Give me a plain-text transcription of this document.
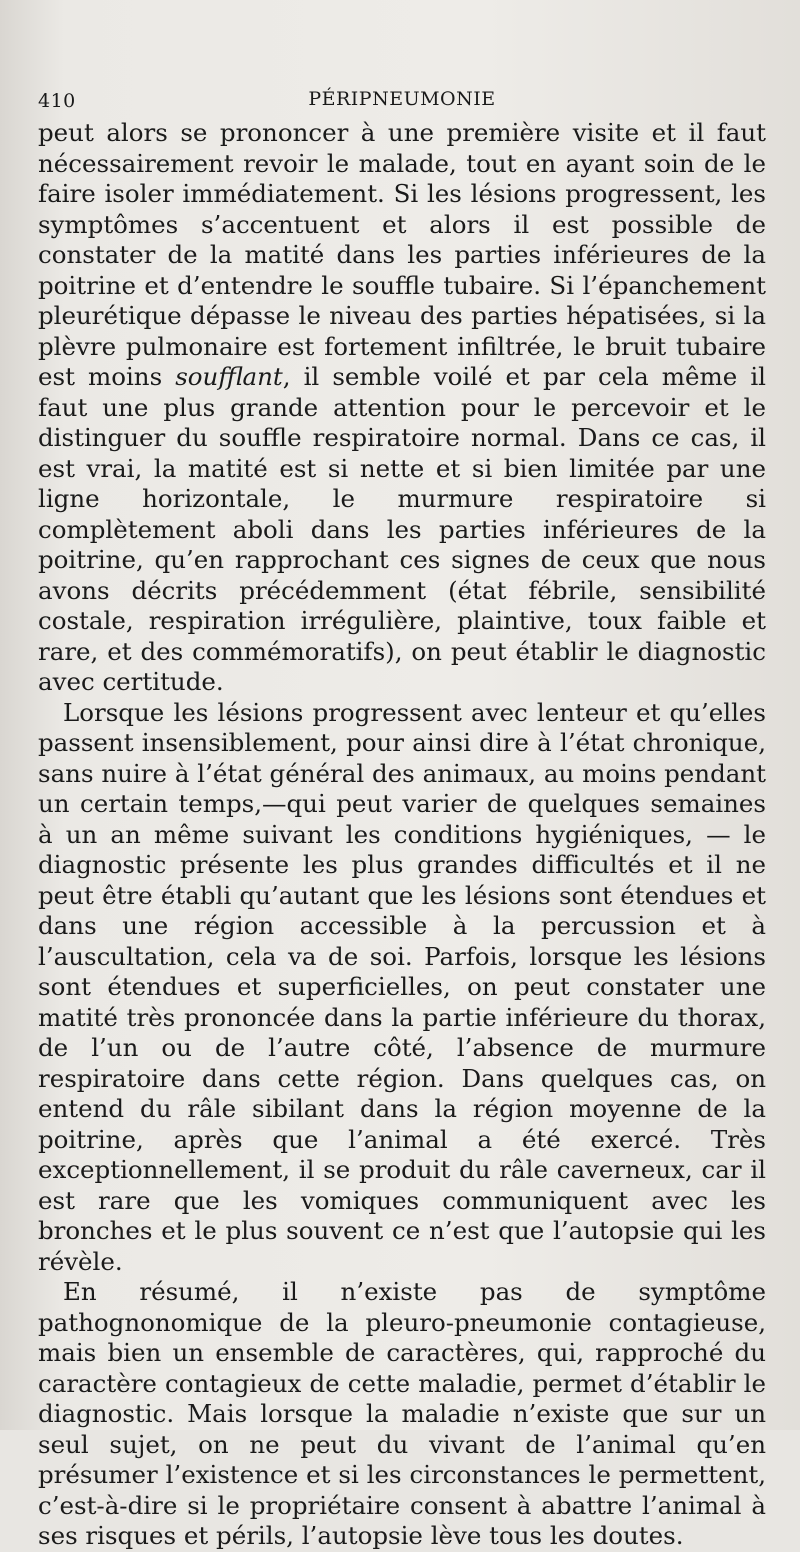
410	PÉRIPNEUMONIE

peut alors se prononcer à une première visite et il faut nécessairement revoir le malade, tout en ayant soin de le faire isoler immédiatement. Si les lésions progressent, les symptômes s’accentuent et alors il est possible de constater de la matité dans les parties inférieures de la poitrine et d’entendre le souffle tubaire. Si l’épanchement pleurétique dépasse le niveau des parties hépatisées, si la plèvre pulmonaire est fortement infiltrée, le bruit tubaire est moins soufflant, il semble voilé et par cela même il faut une plus grande attention pour le percevoir et le distinguer du souffle respiratoire normal. Dans ce cas, il est vrai, la matité est si nette et si bien limitée par une ligne horizontale, le murmure respiratoire si complètement aboli dans les parties inférieures de la poitrine, qu’en rapprochant ces signes de ceux que nous avons décrits précédemment (état fébrile, sensibilité costale, respiration irrégulière, plaintive, toux faible et rare, et des commémoratifs), on peut établir le diagnostic avec certitude.

Lorsque les lésions progressent avec lenteur et qu’elles passent insensiblement, pour ainsi dire à l’état chronique, sans nuire à l’état général des animaux, au moins pendant un certain temps,—qui peut varier de quelques semaines à un an même suivant les conditions hygiéniques, — le diagnostic présente les plus grandes difficultés et il ne peut être établi qu’autant que les lésions sont étendues et dans une région accessible à la percussion et à l’auscultation, cela va de soi. Parfois, lorsque les lésions sont étendues et superficielles, on peut constater une matité très prononcée dans la partie inférieure du thorax, de l’un ou de l’autre côté, l’absence de murmure respiratoire dans cette région. Dans quelques cas, on entend du râle sibilant dans la région moyenne de la poitrine, après que l’animal a été exercé. Très exceptionnellement, il se produit du râle caverneux, car il est rare que les vomiques communiquent avec les bronches et le plus souvent ce n’est que l’autopsie qui les révèle.

En résumé, il n’existe pas de symptôme pathognonomique de la pleuro-pneumonie contagieuse, mais bien un ensemble de caractères, qui, rapproché du caractère contagieux de cette maladie, permet d’établir le diagnostic. Mais lorsque la maladie n’existe que sur un seul sujet, on ne peut du vivant de l’animal qu’en présumer l’existence et si les circonstances le permettent, c’est-à-dire si le propriétaire consent à abattre l’animal à ses risques et périls, l’autopsie lève tous les doutes.
